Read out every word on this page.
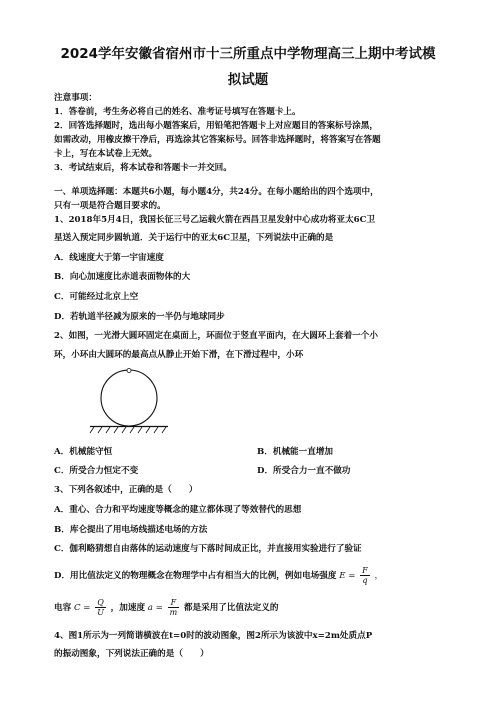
2024学年安徽省宿州市十三所重点中学物理高三上期中考试模
拟试题
注意事项：
1．答卷前，考生务必将自己的姓名、准考证号填写在答题卡上。
2．回答选择题时，选出每小题答案后，用铅笔把答题卡上对应题目的答案标号涂黑，
如需改动，用橡皮擦干净后，再选涂其它答案标号。回答非选择题时，将答案写在答题
卡上，写在本试卷上无效。
3．考试结束后，将本试卷和答题卡一并交回。
一、单项选择题：本题共6小题，每小题4分，共24分。在每小题给出的四个选项中，
只有一项是符合题目要求的。
1、2018年5月4日，我国长征三号乙运载火箭在西昌卫星发射中心成功将亚太6C卫
星送入预定同步圆轨道．关于运行中的亚太6C卫星，下列说法中正确的是
A．线速度大于第一宇宙速度
B．向心加速度比赤道表面物体的大
C．可能经过北京上空
D．若轨道半径减为原来的一半仍与地球同步
2、如图，一光滑大圆环固定在桌面上，环面位于竖直平面内，在大圆环上套着一个小
环，小环由大圆环的最高点从静止开始下滑，在下滑过程中，小环
A．机械能守恒	B．机械能一直增加
C．所受合力恒定不变	D．所受合力一直不做功
3、下列各叙述中，正确的是（　　）
A．重心、合力和平均速度等概念的建立都体现了等效替代的思想
B．库仑提出了用电场线描述电场的方法
C．伽利略猜想自由落体的运动速度与下落时间成正比，并直接用实验进行了验证
D．用比值法定义的物理概念在物理学中占有相当大的比例，例如电场强度 $E = \frac{F}{q}$ ，
电容 $C = \frac{Q}{U}$ ，加速度 $a = \frac{F}{m}$ 都是采用了比值法定义的
4、图1所示为一列简谐横波在t=0时的波动图象，图2所示为该波中x=2m处质点P
的振动图象，下列说法正确的是（　　）
